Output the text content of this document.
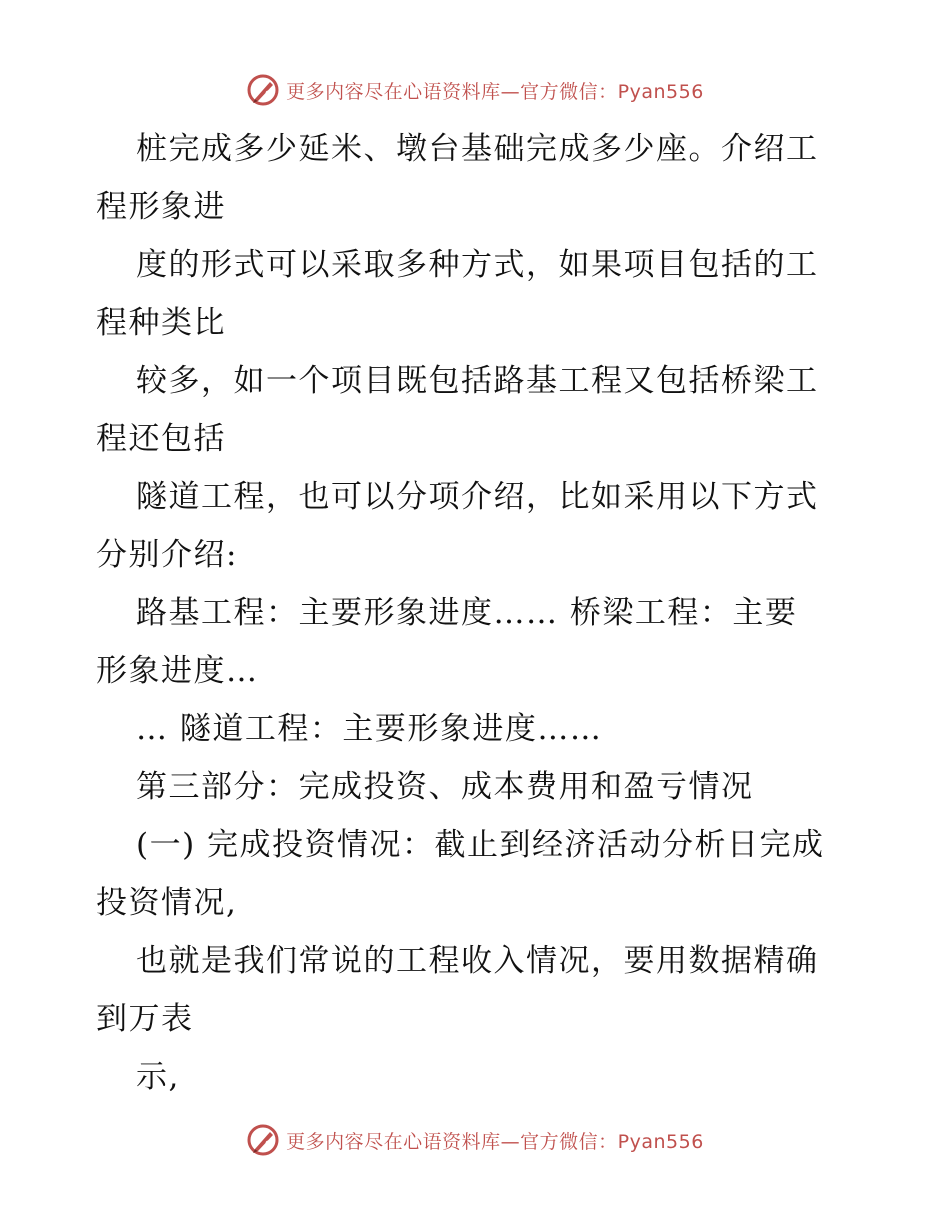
更多内容尽在心语资料库—官方微信：Pyan556

桩完成多少延米、墩台基础完成多少座。介绍工

程形象进

度的形式可以采取多种方式，如果项目包括的工

程种类比

较多，如一个项目既包括路基工程又包括桥梁工

程还包括

隧道工程，也可以分项介绍，比如采用以下方式

分别介绍:

路基工程：主要形象进度…… 桥梁工程：主要

形象进度…

… 隧道工程：主要形象进度……

第三部分：完成投资、成本费用和盈亏情况

(一) 完成投资情况：截止到经济活动分析日完成

投资情况,

也就是我们常说的工程收入情况，要用数据精确

到万表

示,

更多内容尽在心语资料库—官方微信：Pyan556
